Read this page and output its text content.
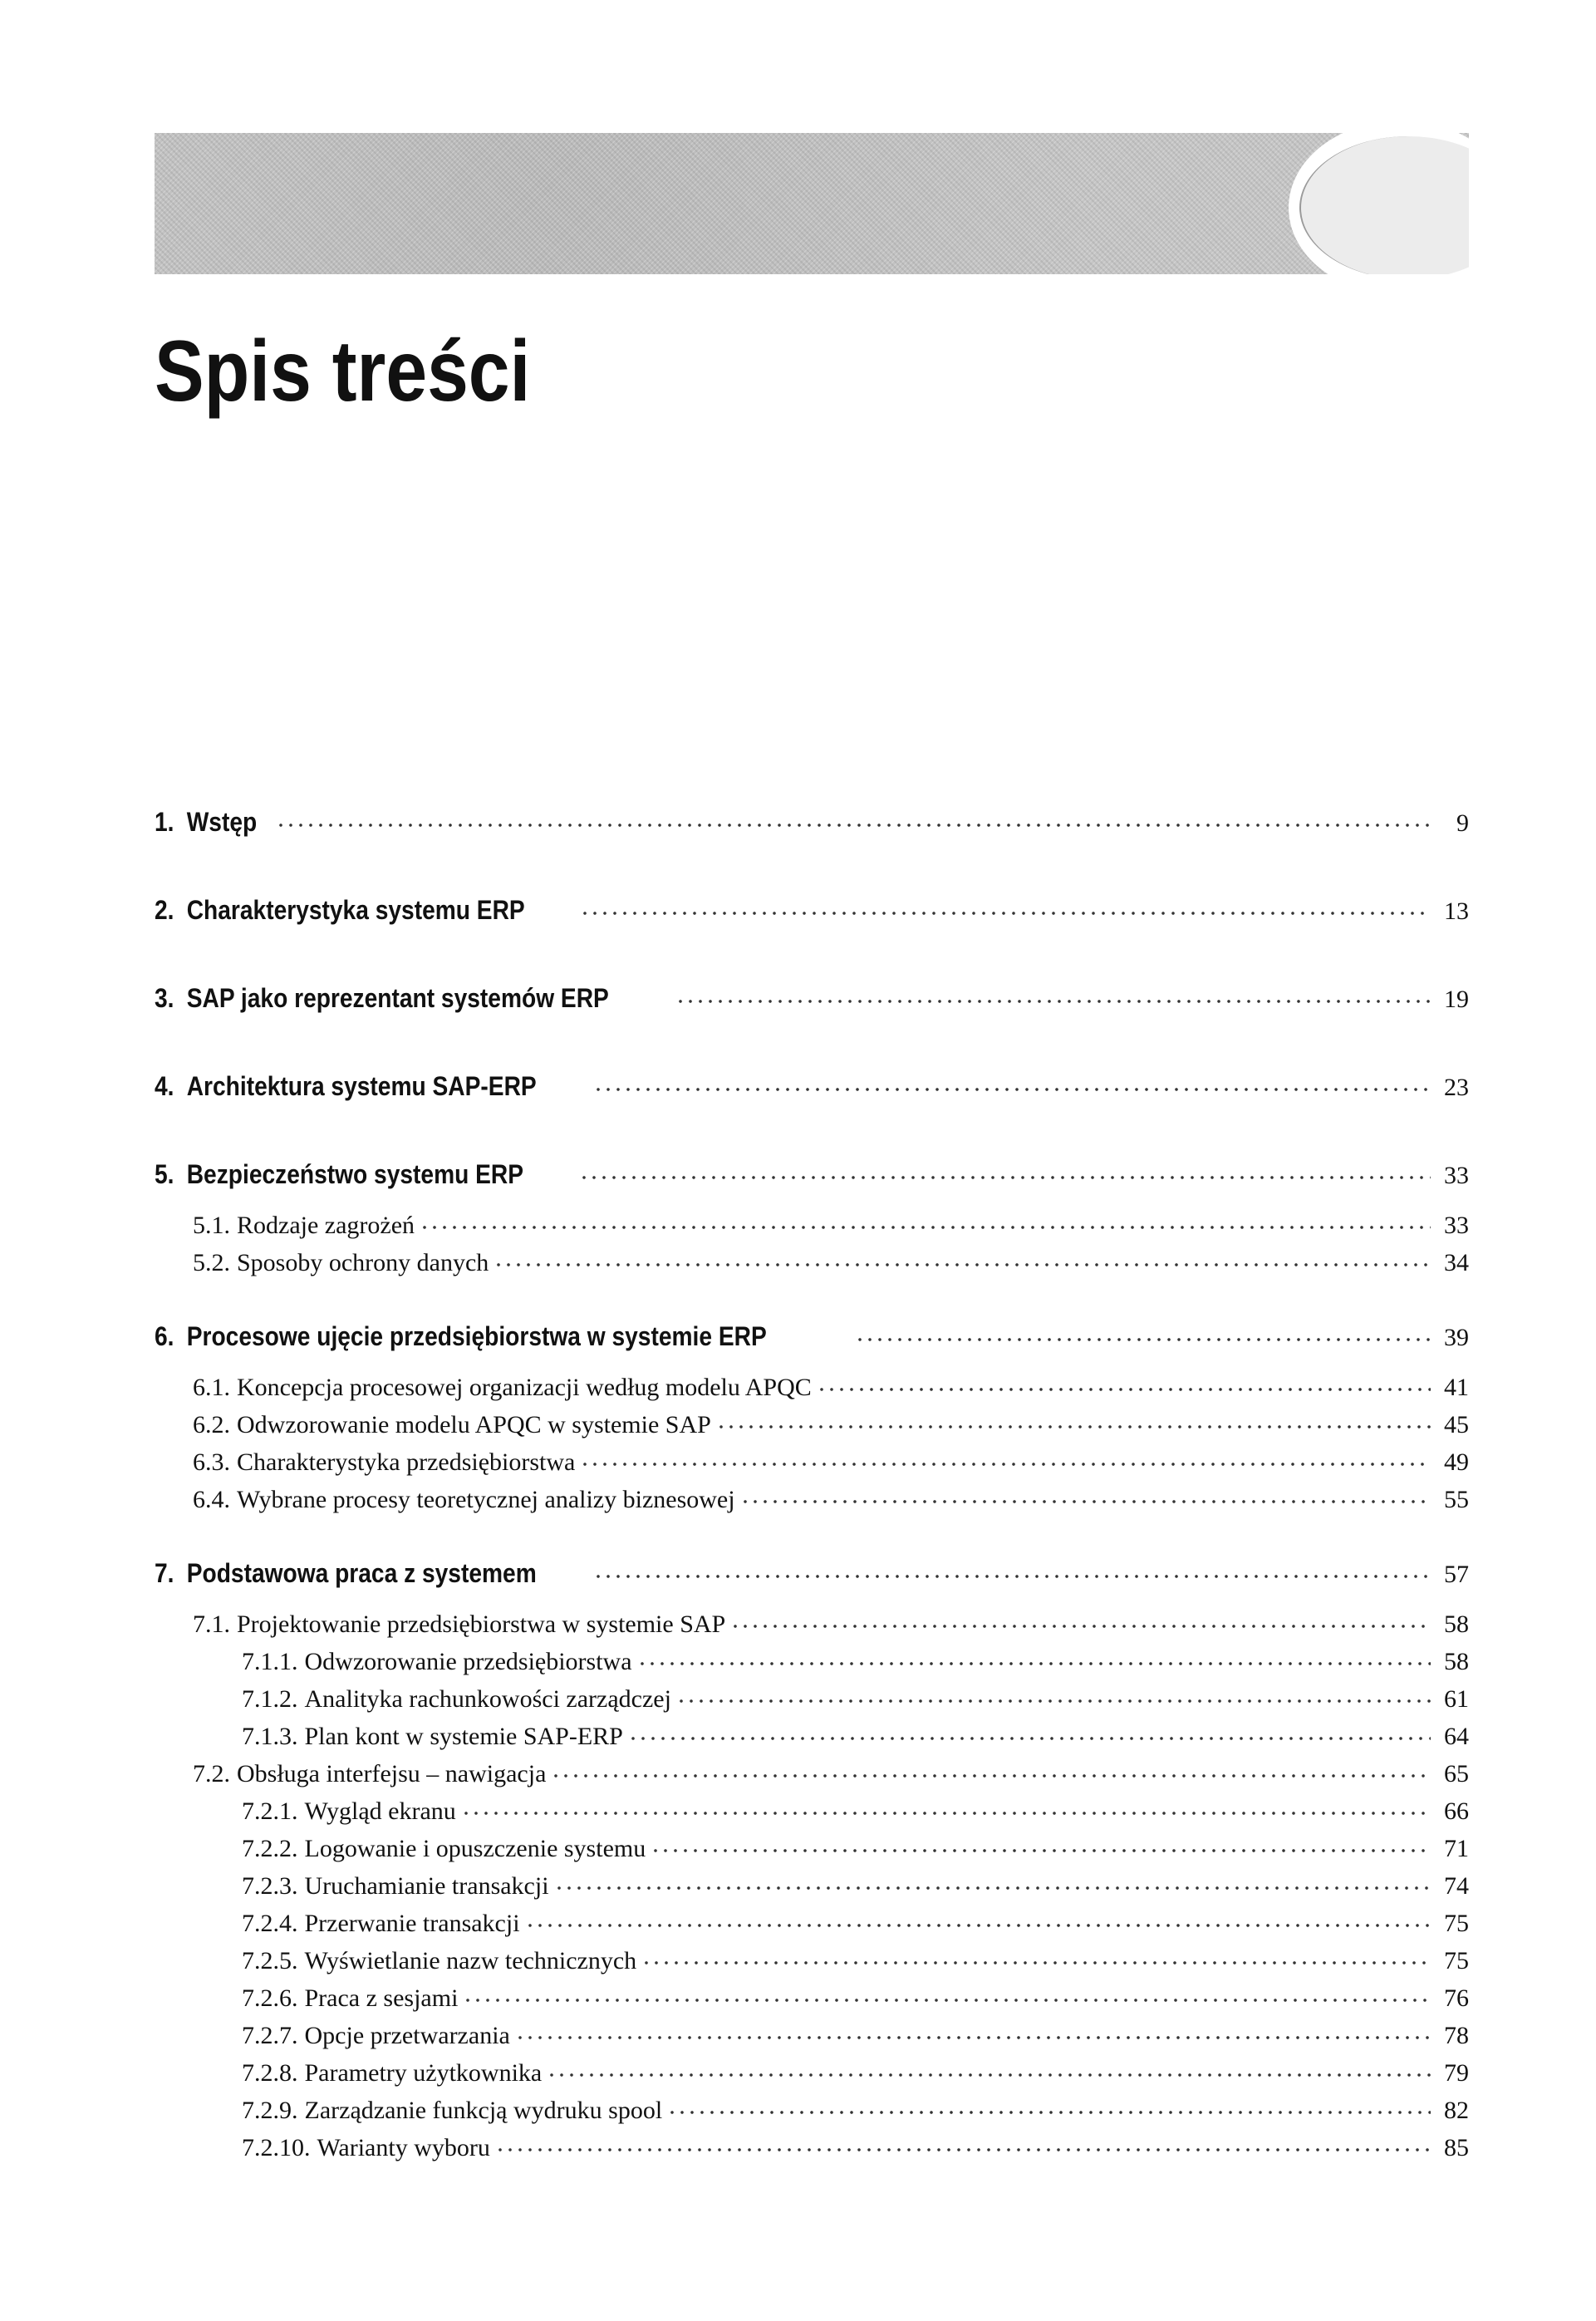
Spis treści
1. Wstęp	9
2. Charakterystyka systemu ERP	13
3. SAP jako reprezentant systemów ERP	19
4. Architektura systemu SAP-ERP	23
5. Bezpieczeństwo systemu ERP	33
5.1. Rodzaje zagrożeń	33
5.2. Sposoby ochrony danych	34
6. Procesowe ujęcie przedsiębiorstwa w systemie ERP	39
6.1. Koncepcja procesowej organizacji według modelu APQC	41
6.2. Odwzorowanie modelu APQC w systemie SAP	45
6.3. Charakterystyka przedsiębiorstwa	49
6.4. Wybrane procesy teoretycznej analizy biznesowej	55
7. Podstawowa praca z systemem	57
7.1. Projektowanie przedsiębiorstwa w systemie SAP	58
7.1.1. Odwzorowanie przedsiębiorstwa	58
7.1.2. Analityka rachunkowości zarządczej	61
7.1.3. Plan kont w systemie SAP-ERP	64
7.2. Obsługa interfejsu – nawigacja	65
7.2.1. Wygląd ekranu	66
7.2.2. Logowanie i opuszczenie systemu	71
7.2.3. Uruchamianie transakcji	74
7.2.4. Przerwanie transakcji	75
7.2.5. Wyświetlanie nazw technicznych	75
7.2.6. Praca z sesjami	76
7.2.7. Opcje przetwarzania	78
7.2.8. Parametry użytkownika	79
7.2.9. Zarządzanie funkcją wydruku spool	82
7.2.10. Warianty wyboru	85
